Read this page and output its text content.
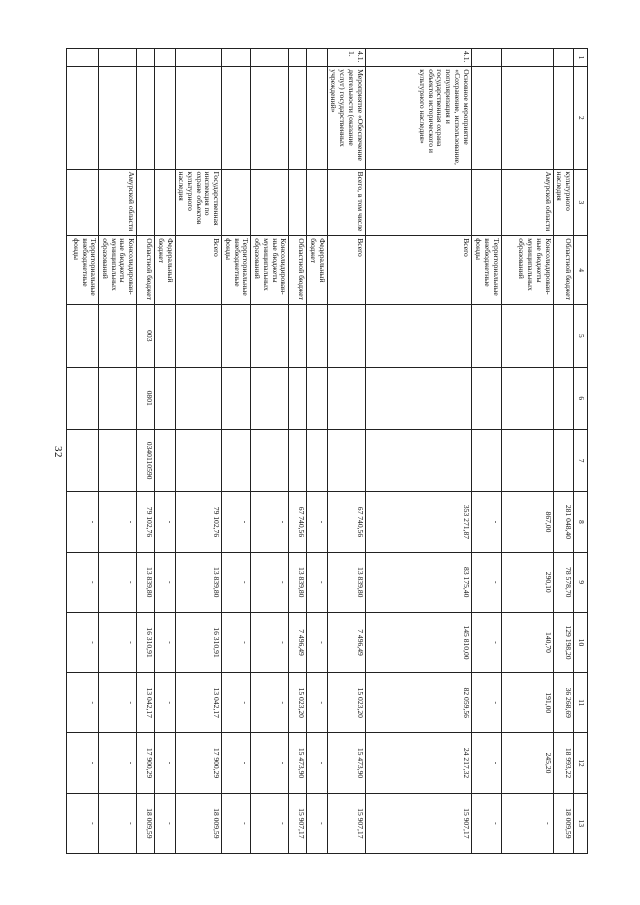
32
1	2	3	4	5	6	7	8	9	10	11	12	13
		культурного наследия	Областной бюджет				281 048,40	78 578,70	129 198,20	36 268,69	18 993,22	18 009,59
		Амурской области	Консолидирован-ные бюджеты муниципальных образований				867,00	290,10	140,70	191,00	245,20	-
			Территориальные внебюджетные фонды				-	-	-	-	-	-
4.1.	Основное мероприятие «Сохранение, использование, популяризация и государственная охрана объектов исторического и культурного наследия»		Всего				353 271,87	83 175,40	145 810,00	82 059,56	24 217,32	15 907,17
4.1.1.	Мероприятие «Обеспечение деятельности (оказание услуг) государственных учреждений»	Всего, в том числе	Всего				67 740,56	13 839,80	7 496,49	15 023,20	15 473,90	15 907,17
			Федеральный бюджет				-	-	-	-	-	-
			Областной бюджет				67 740,56	13 839,80	7 496,49	15 023,20	15 473,90	15 907,17
			Консолидирован-ные бюджеты муниципальных образований				-	-	-	-	-	-
			Территориальные внебюджетные фонды				-	-	-	-	-	-
		Государственная инспекция по охране объектов культурного наследия	Всего				79 102,76	13 839,80	16 310,91	13 042,17	17 900,29	18 009,59
			Федеральный бюджет				-	-	-	-	-	-
			Областной бюджет	003	0801	0340110590	79 102,76	13 839,80	16 310,91	13 042,17	17 900,29	18 009,59
		Амурской области	Консолидирован-ные бюджеты муниципальных образований				-	-	-	-	-	-
			Территориальные внебюджетные фонды				-	-	-	-	-	-
